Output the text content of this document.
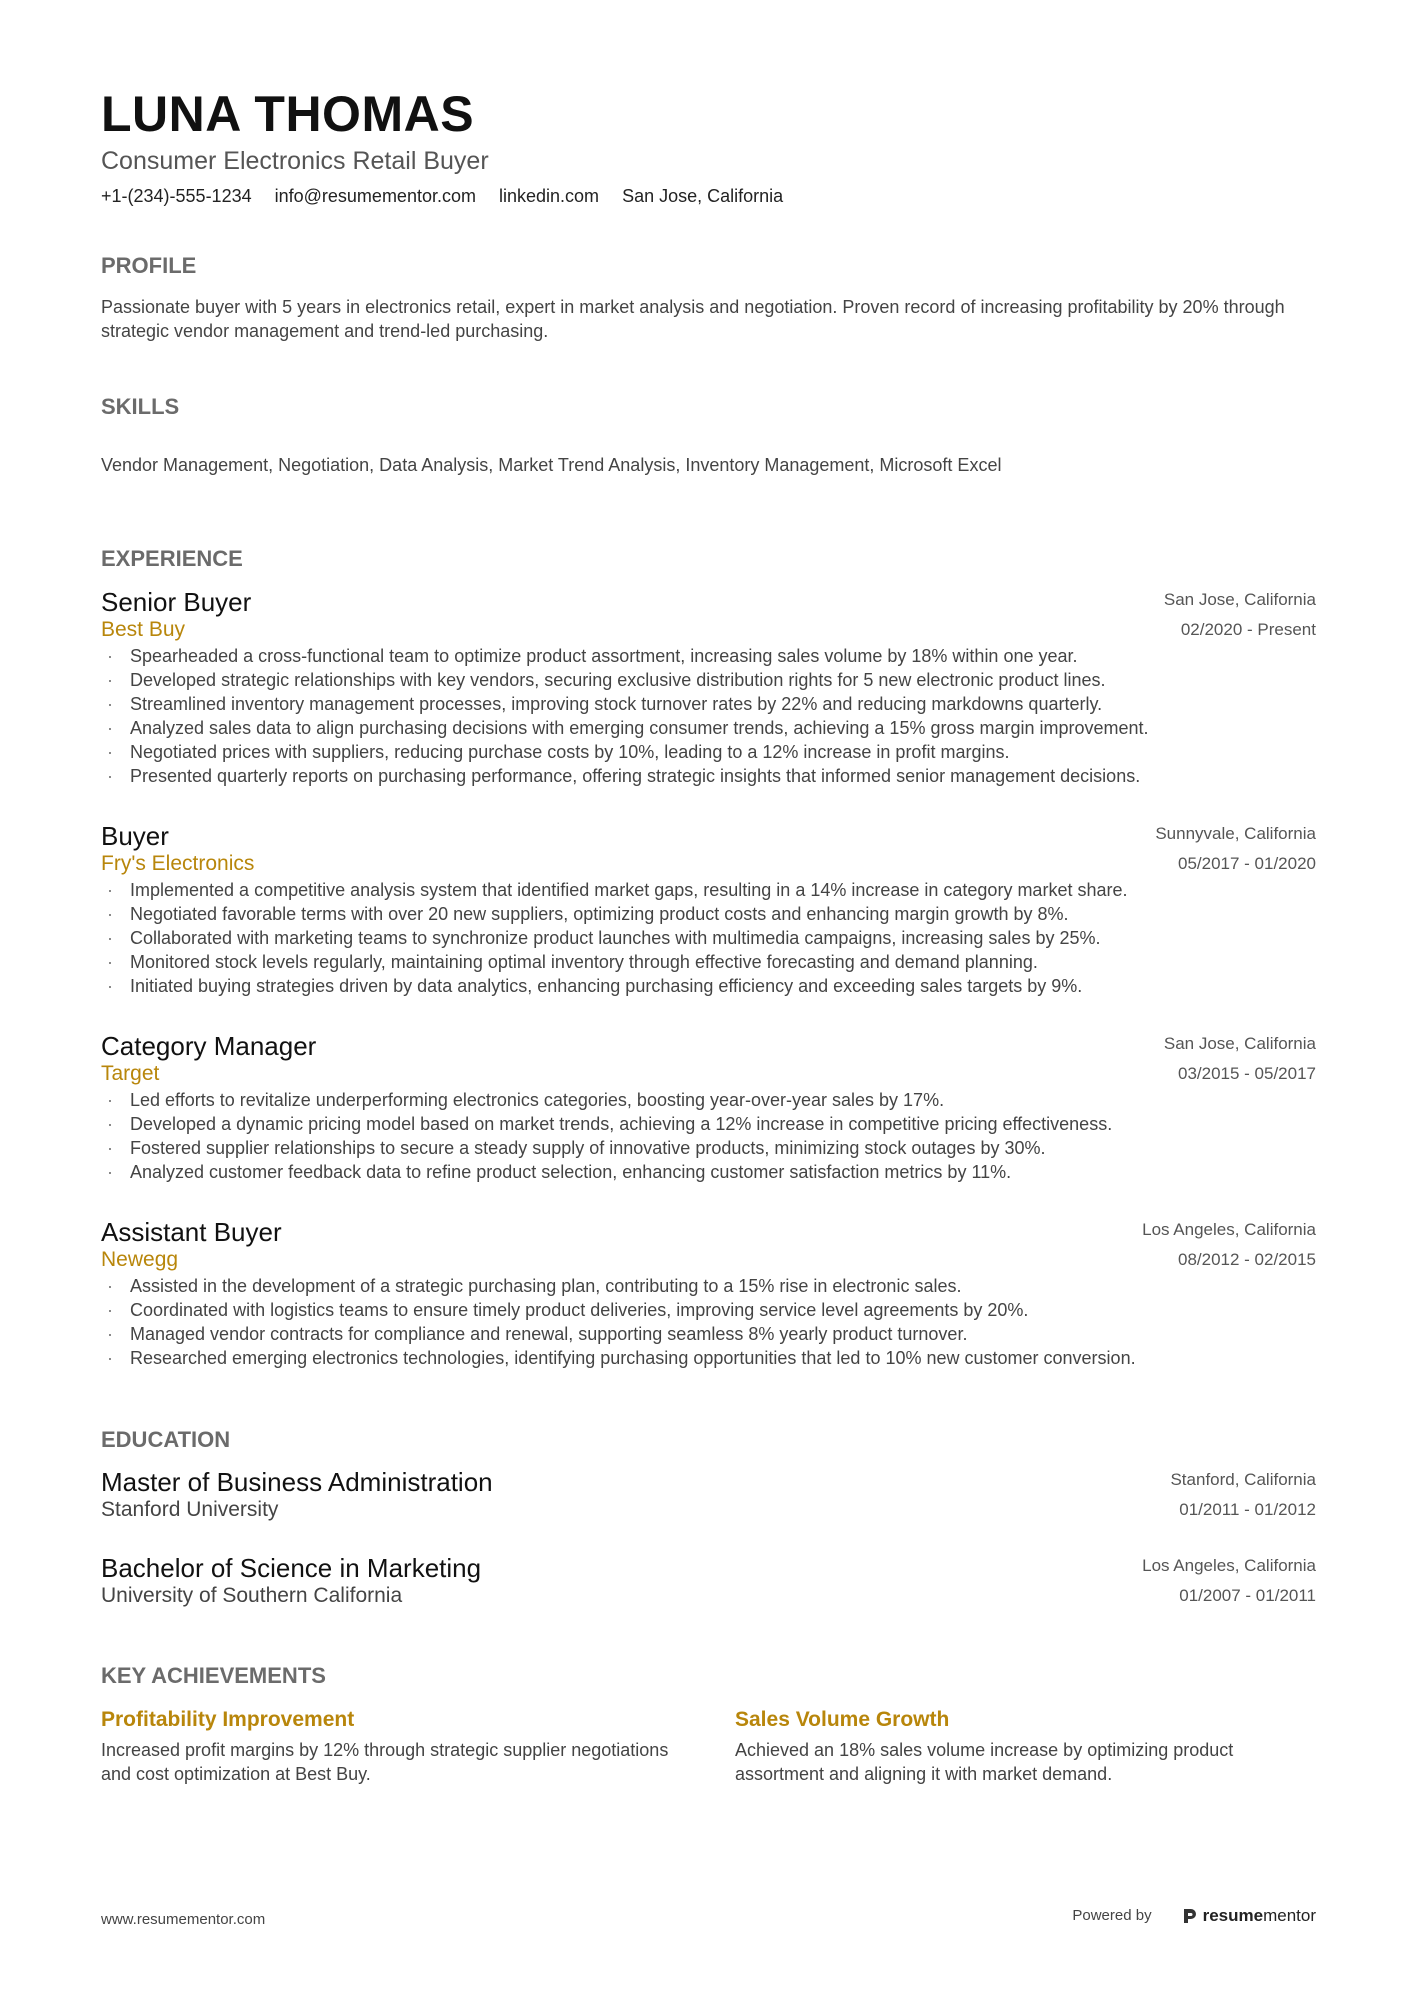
LUNA THOMAS
Consumer Electronics Retail Buyer
+1-(234)-555-1234 info@resumementor.com linkedin.com San Jose, California
PROFILE

Passionate buyer with 5 years in electronics retail, expert in market analysis and negotiation. Proven record of increasing profitability by 20% through strategic vendor management and trend-led purchasing.

SKILLS

Vendor Management, Negotiation, Data Analysis, Market Trend Analysis, Inventory Management, Microsoft Excel

EXPERIENCE
Senior Buyer
Best Buy
San Jose, California
02/2020 - Present
· Spearheaded a cross-functional team to optimize product assortment, increasing sales volume by 18% within one year.
· Developed strategic relationships with key vendors, securing exclusive distribution rights for 5 new electronic product lines.
· Streamlined inventory management processes, improving stock turnover rates by 22% and reducing markdowns quarterly.
· Analyzed sales data to align purchasing decisions with emerging consumer trends, achieving a 15% gross margin improvement.
· Negotiated prices with suppliers, reducing purchase costs by 10%, leading to a 12% increase in profit margins.
· Presented quarterly reports on purchasing performance, offering strategic insights that informed senior management decisions.
Buyer
Fry's Electronics
Sunnyvale, California
05/2017 - 01/2020
· Implemented a competitive analysis system that identified market gaps, resulting in a 14% increase in category market share.
· Negotiated favorable terms with over 20 new suppliers, optimizing product costs and enhancing margin growth by 8%.
· Collaborated with marketing teams to synchronize product launches with multimedia campaigns, increasing sales by 25%.
· Monitored stock levels regularly, maintaining optimal inventory through effective forecasting and demand planning.
· Initiated buying strategies driven by data analytics, enhancing purchasing efficiency and exceeding sales targets by 9%.
Category Manager
Target
San Jose, California
03/2015 - 05/2017
· Led efforts to revitalize underperforming electronics categories, boosting year-over-year sales by 17%.
· Developed a dynamic pricing model based on market trends, achieving a 12% increase in competitive pricing effectiveness.
· Fostered supplier relationships to secure a steady supply of innovative products, minimizing stock outages by 30%.
· Analyzed customer feedback data to refine product selection, enhancing customer satisfaction metrics by 11%.
Assistant Buyer
Newegg
Los Angeles, California
08/2012 - 02/2015
· Assisted in the development of a strategic purchasing plan, contributing to a 15% rise in electronic sales.
· Coordinated with logistics teams to ensure timely product deliveries, improving service level agreements by 20%.
· Managed vendor contracts for compliance and renewal, supporting seamless 8% yearly product turnover.
· Researched emerging electronics technologies, identifying purchasing opportunities that led to 10% new customer conversion.
EDUCATION
Master of Business Administration
Stanford University
Stanford, California
01/2011 - 01/2012
Bachelor of Science in Marketing
University of Southern California
Los Angeles, California
01/2007 - 01/2011
KEY ACHIEVEMENTS

Profitability Improvement

Increased profit margins by 12% through strategic supplier negotiations and cost optimization at Best Buy.

Sales Volume Growth

Achieved an 18% sales volume increase by optimizing product assortment and aligning it with market demand.

www.resumementor.com	Powered by	resume mentor
